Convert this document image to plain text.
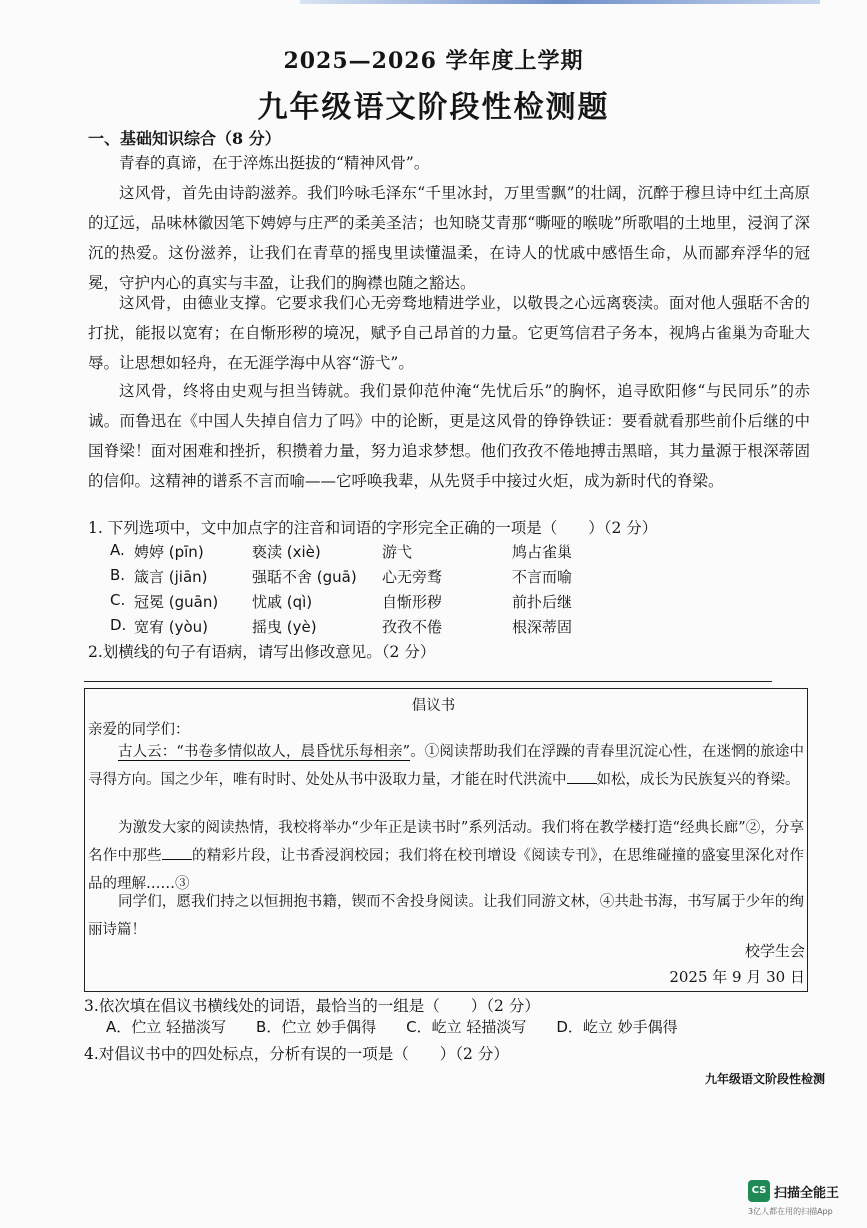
2025—2026 学年度上学期
九年级语文阶段性检测题
一、基础知识综合（8 分）
青春的真谛，在于淬炼出挺拔的“精神风骨”。
这风骨，首先由诗韵滋养。我们吟咏毛泽东“千里冰封，万里雪飘”的壮阔，沉醉于穆旦诗中红土高原的辽远，品味林徽因笔下娉婷与庄严的柔美圣洁；也知晓艾青那“嘶哑的喉咙”所歌唱的土地里，浸润了深沉的热爱。这份滋养，让我们在青草的摇曳里读懂温柔，在诗人的忧戚中感悟生命，从而鄙弃浮华的冠冕，守护内心的真实与丰盈，让我们的胸襟也随之豁达。
这风骨，由德业支撑。它要求我们心无旁骛地精进学业，以敬畏之心远离亵渎。面对他人强聒不舍的打扰，能报以宽宥；在自惭形秽的境况，赋予自己昂首的力量。它更笃信君子务本，视鸠占雀巢为奇耻大辱。让思想如轻舟，在无涯学海中从容“游弋”。
这风骨，终将由史观与担当铸就。我们景仰范仲淹“先忧后乐”的胸怀，追寻欧阳修“与民同乐”的赤诚。而鲁迅在《中国人失掉自信力了吗》中的论断，更是这风骨的铮铮铁证：要看就看那些前仆后继的中国脊梁！面对困难和挫折，积攒着力量，努力追求梦想。他们孜孜不倦地搏击黑暗，其力量源于根深蒂固的信仰。这精神的谱系不言而喻——它呼唤我辈，从先贤手中接过火炬，成为新时代的脊梁。
1. 下列选项中，文中加点字的注音和词语的字形完全正确的一项是（　　）（2 分）
A. 娉婷 (pīn)	亵渎 (xiè)	游弋	鸠占雀巢
B. 箴言 (jiān)	强聒不舍 (guā) 心无旁骛	不言而喻
C. 冠冕 (guān) 忧戚 (qì)	自惭形秽	前扑后继
D. 宽宥 (yòu)	摇曳 (yè)	孜孜不倦	根深蒂固
2.划横线的句子有语病，请写出修改意见。（2 分）
倡议书
亲爱的同学们：
古人云：“书卷多情似故人，晨昏忧乐每相亲”。①阅读帮助我们在浮躁的青春里沉淀心性，在迷惘的旅途中寻得方向。国之少年，唯有时时、处处从书中汲取力量，才能在时代洪流中 如松，成长为民族复兴的脊梁。
为激发大家的阅读热情，我校将举办“少年正是读书时”系列活动。我们将在教学楼打造“经典长廊”②，分享名作中那些 的精彩片段，让书香浸润校园；我们将在校刊增设《阅读专刊》，在思维碰撞的盛宴里深化对作品的理解……③
同学们，愿我们持之以恒拥抱书籍，锲而不舍投身阅读。让我们同游文林，④共赴书海，书写属于少年的绚丽诗篇！
校学生会
2025 年 9 月 30 日
3.依次填在倡议书横线处的词语，最恰当的一组是（　　）（2 分）
A．伫立 轻描淡写　　B．伫立 妙手偶得　　C．屹立 轻描淡写　　D．屹立 妙手偶得
4.对倡议书中的四处标点，分析有误的一项是（　　）（2 分）
九年级语文阶段性检测
CS 扫描全能王
3亿人都在用的扫描App
